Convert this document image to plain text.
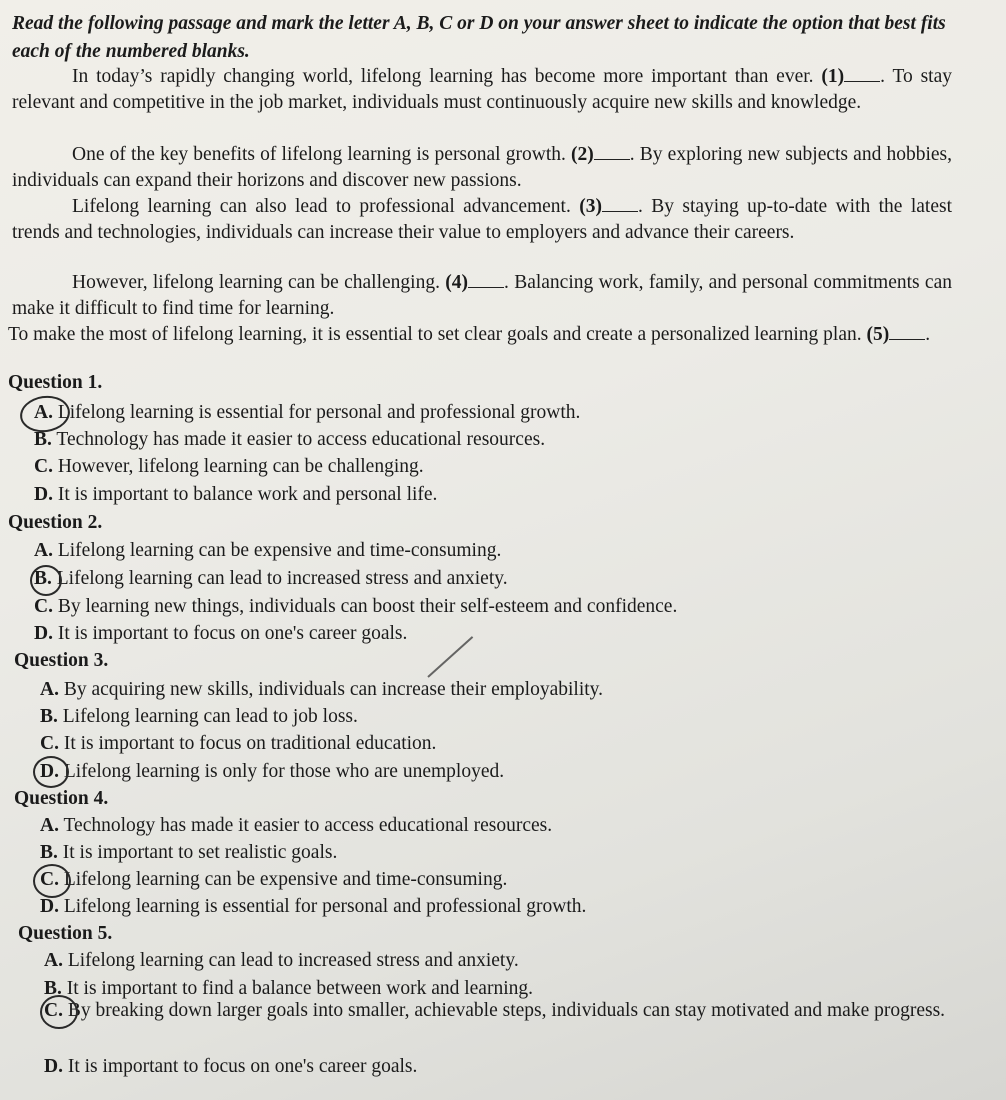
Read the following passage and mark the letter A, B, C or D on your answer sheet to indicate the option that best fits each of the numbered blanks.
In today’s rapidly changing world, lifelong learning has become more important than ever. (1) . To stay relevant and competitive in the job market, individuals must continuously acquire new skills and knowledge.
One of the key benefits of lifelong learning is personal growth. (2) . By exploring new subjects and hobbies, individuals can expand their horizons and discover new passions.
Lifelong learning can also lead to professional advancement. (3) . By staying up-to-date with the latest trends and technologies, individuals can increase their value to employers and advance their careers.
However, lifelong learning can be challenging. (4) . Balancing work, family, and personal commitments can make it difficult to find time for learning.
To make the most of lifelong learning, it is essential to set clear goals and create a personalized learning plan. (5) .
Question 1.
A. Lifelong learning is essential for personal and professional growth.
B. Technology has made it easier to access educational resources.
C. However, lifelong learning can be challenging.
D. It is important to balance work and personal life.
Question 2.
A. Lifelong learning can be expensive and time-consuming.
B. Lifelong learning can lead to increased stress and anxiety.
C. By learning new things, individuals can boost their self-esteem and confidence.
D. It is important to focus on one's career goals.
Question 3.
A. By acquiring new skills, individuals can increase their employability.
B. Lifelong learning can lead to job loss.
C. It is important to focus on traditional education.
D. Lifelong learning is only for those who are unemployed.
Question 4.
A. Technology has made it easier to access educational resources.
B. It is important to set realistic goals.
C. Lifelong learning can be expensive and time-consuming.
D. Lifelong learning is essential for personal and professional growth.
Question 5.
A. Lifelong learning can lead to increased stress and anxiety.
B. It is important to find a balance between work and learning.
C. By breaking down larger goals into smaller, achievable steps, individuals can stay motivated and make progress.
D. It is important to focus on one's career goals.
